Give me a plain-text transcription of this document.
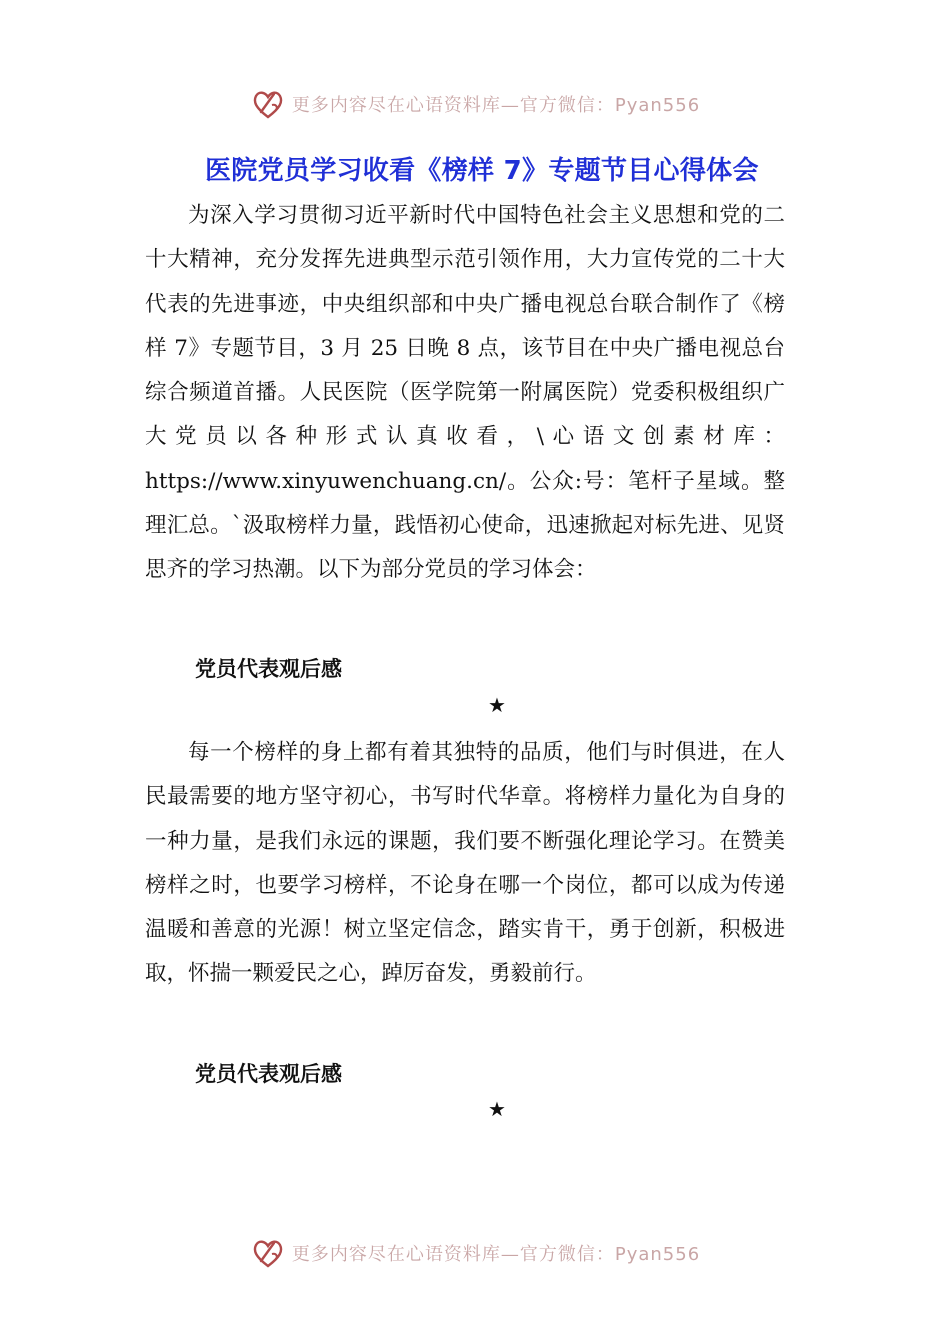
更多内容尽在心语资料库—官方微信：Pyan556
医院党员学习收看《榜样 7》专题节目心得体会
为深入学习贯彻习近平新时代中国特色社会主义思想和党的二十大精神，充分发挥先进典型示范引领作用，大力宣传党的二十大代表的先进事迹，中央组织部和中央广播电视总台联合制作了《榜样 7》专题节目，3 月 25 日晚 8 点，该节目在中央广播电视总台综合频道首播。人民医院（医学院第一附属医院）党委积极组织广大党员以各种形式认真收看，\心语文创素材库：https://www.xinyuwenchuang.cn/。公众:号：笔杆子星域。整理汇总。`汲取榜样力量，践悟初心使命，迅速掀起对标先进、见贤思齐的学习热潮。以下为部分党员的学习体会：
党员代表观后感
★
每一个榜样的身上都有着其独特的品质，他们与时俱进，在人民最需要的地方坚守初心，书写时代华章。将榜样力量化为自身的一种力量，是我们永远的课题，我们要不断强化理论学习。在赞美榜样之时，也要学习榜样，不论身在哪一个岗位，都可以成为传递温暖和善意的光源！树立坚定信念，踏实肯干，勇于创新，积极进取，怀揣一颗爱民之心，踔厉奋发，勇毅前行。
党员代表观后感
★
更多内容尽在心语资料库—官方微信：Pyan556
